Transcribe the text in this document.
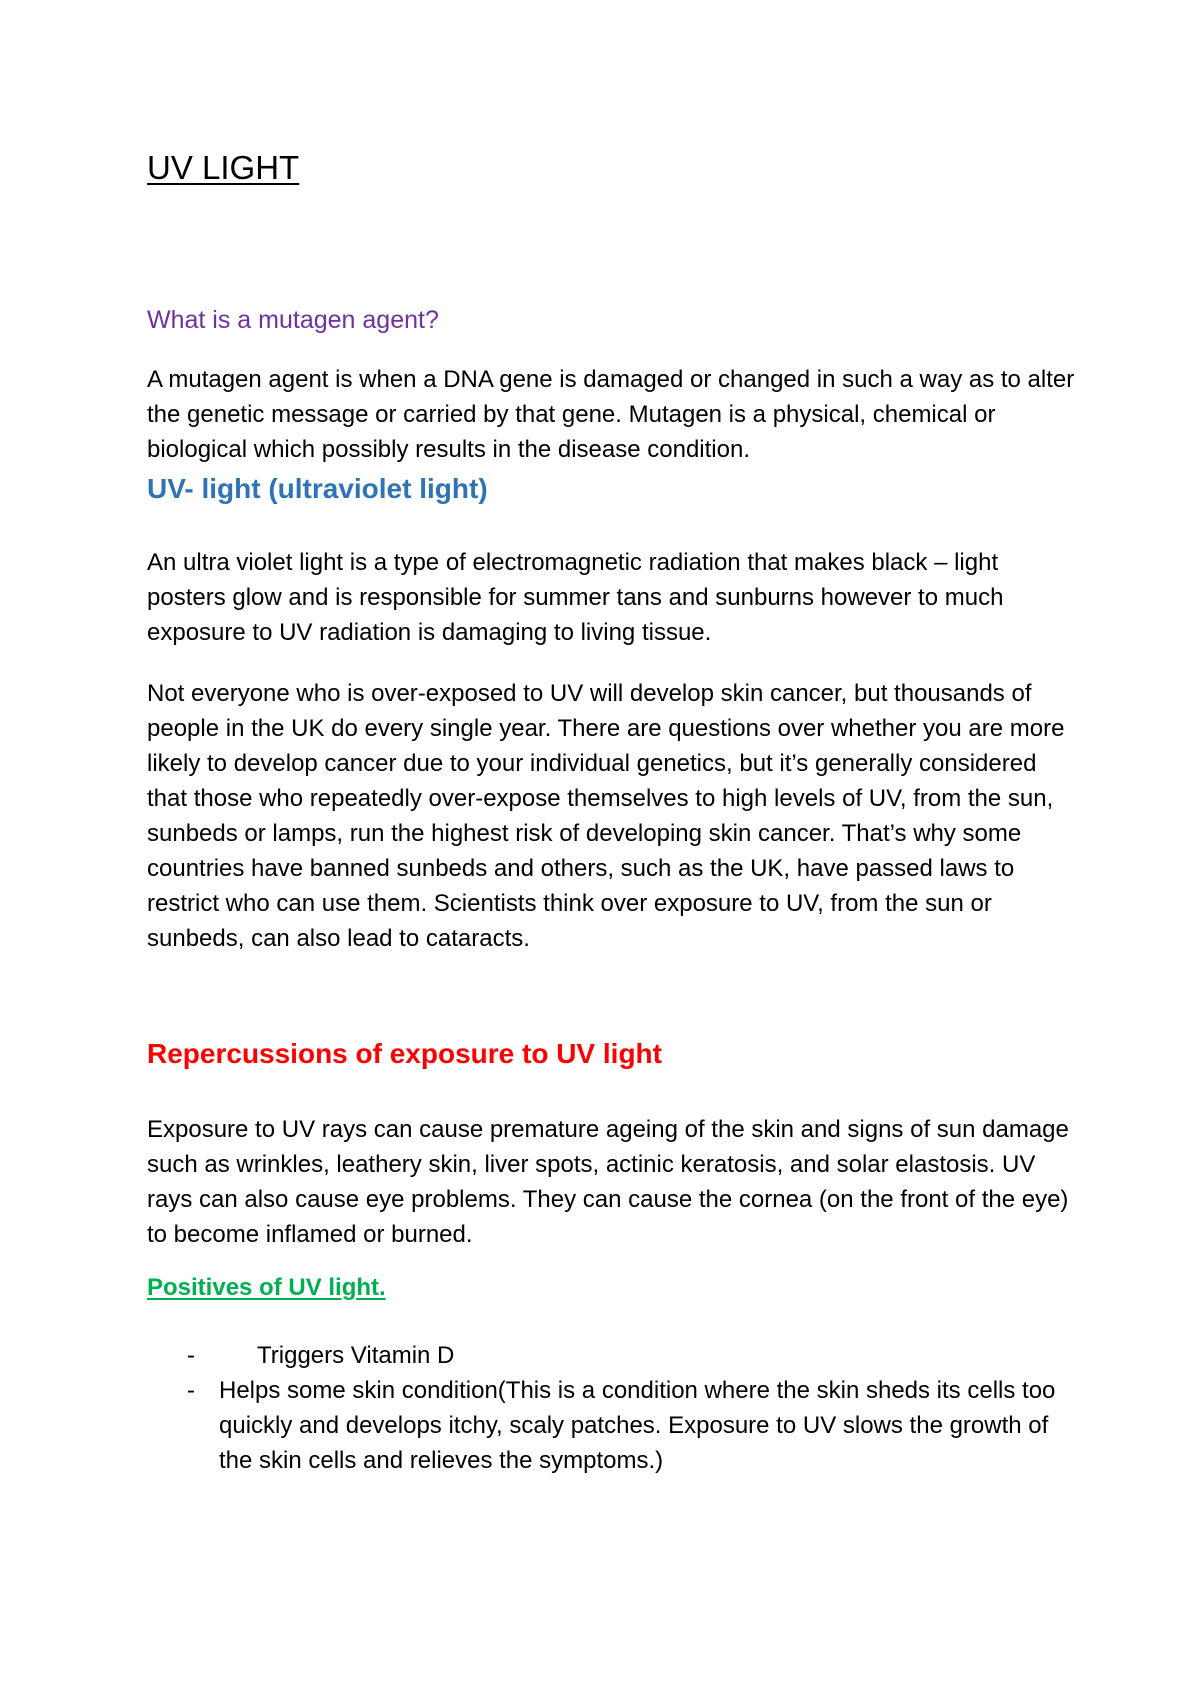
UV LIGHT
What is a mutagen agent?

A mutagen agent is when a DNA gene is damaged or changed in such a way as to alter the genetic message or carried by that gene. Mutagen is a physical, chemical or biological which possibly results in the disease condition.

UV- light (ultraviolet light)

An ultra violet light is a type of electromagnetic radiation that makes black – light posters glow and is responsible for summer tans and sunburns however to much exposure to UV radiation is damaging to living tissue.

Not everyone who is over-exposed to UV will develop skin cancer, but thousands of people in the UK do every single year. There are questions over whether you are more likely to develop cancer due to your individual genetics, but it’s generally considered that those who repeatedly over-expose themselves to high levels of UV, from the sun, sunbeds or lamps, run the highest risk of developing skin cancer. That’s why some countries have banned sunbeds and others, such as the UK, have passed laws to restrict who can use them. Scientists think over exposure to UV, from the sun or sunbeds, can also lead to cataracts.

Repercussions of exposure to UV light

Exposure to UV rays can cause premature ageing of the skin and signs of sun damage such as wrinkles, leathery skin, liver spots, actinic keratosis, and solar elastosis. UV rays can also cause eye problems. They can cause the cornea (on the front of the eye) to become inflamed or burned.

Positives of UV light.
-	Triggers Vitamin D
- Helps some skin condition(This is a condition where the skin sheds its cells too quickly and develops itchy, scaly patches. Exposure to UV slows the growth of the skin cells and relieves the symptoms.)
